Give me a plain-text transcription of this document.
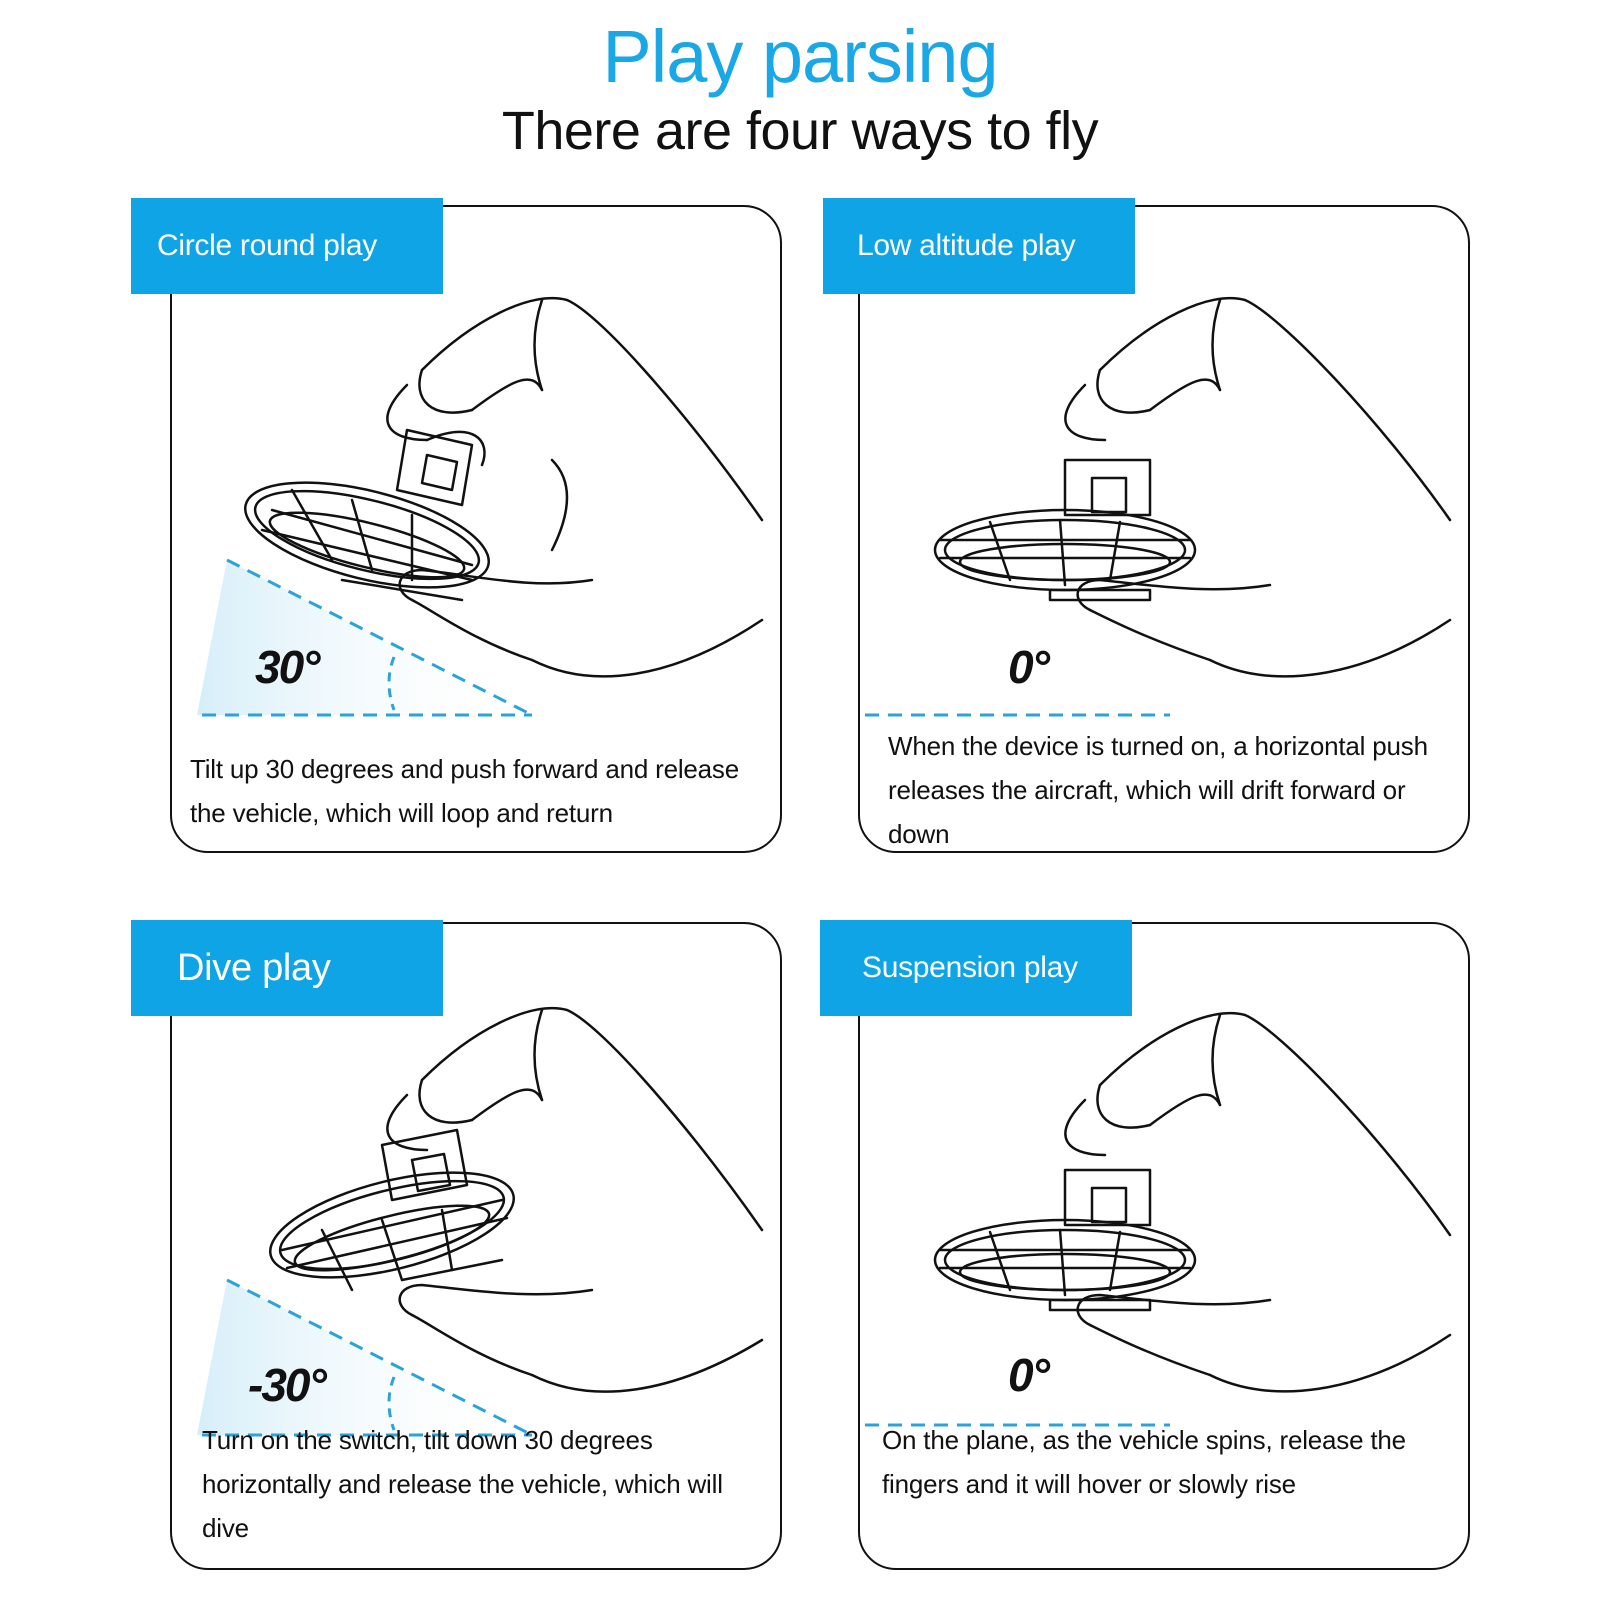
Play parsing
There are four ways to fly
Circle round play
30°
Tilt up 30 degrees and push forward and release the vehicle, which will loop and return
Low altitude play
0°
When the device is turned on, a horizontal push releases the aircraft, which will drift forward or down
Dive play
-30°
Turn on the switch, tilt down 30 degrees horizontally and release the vehicle, which will dive
Suspension play
0°
On the plane, as the vehicle spins, release the fingers and it will hover or slowly rise
